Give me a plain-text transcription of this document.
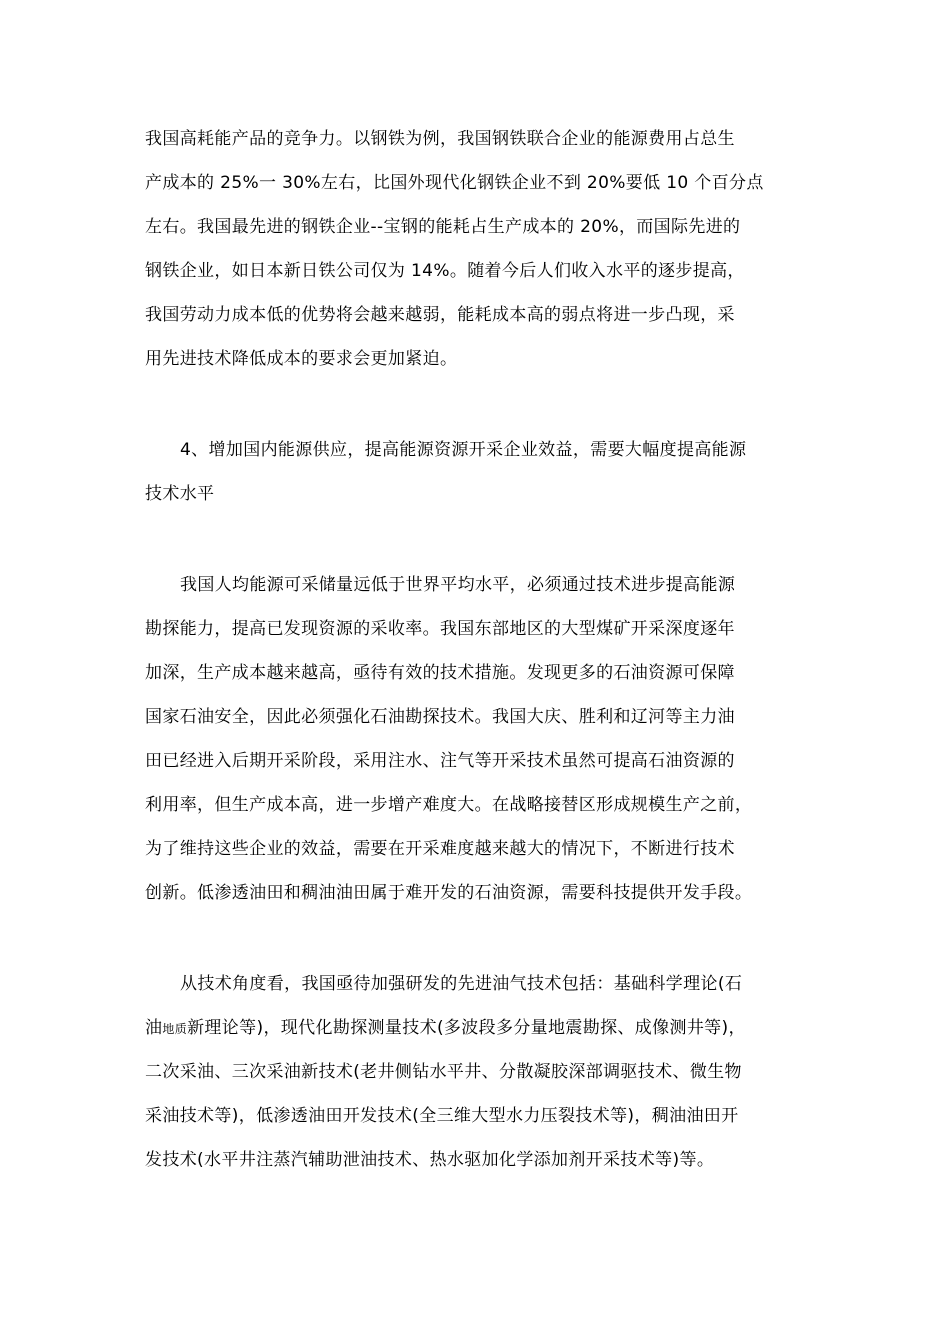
我国高耗能产品的竞争力。以钢铁为例，我国钢铁联合企业的能源费用占总生
产成本的 25%一 30%左右，比国外现代化钢铁企业不到 20%要低 10 个百分点
左右。我国最先进的钢铁企业--宝钢的能耗占生产成本的 20%，而国际先进的
钢铁企业，如日本新日铁公司仅为 14%。随着今后人们收入水平的逐步提高，
我国劳动力成本低的优势将会越来越弱，能耗成本高的弱点将进一步凸现，采
用先进技术降低成本的要求会更加紧迫。
4、增加国内能源供应，提高能源资源开采企业效益，需要大幅度提高能源
技术水平
我国人均能源可采储量远低于世界平均水平，必须通过技术进步提高能源
勘探能力，提高已发现资源的采收率。我国东部地区的大型煤矿开采深度逐年
加深，生产成本越来越高，亟待有效的技术措施。发现更多的石油资源可保障
国家石油安全，因此必须强化石油勘探技术。我国大庆、胜利和辽河等主力油
田已经进入后期开采阶段，采用注水、注气等开采技术虽然可提高石油资源的
利用率，但生产成本高，进一步增产难度大。在战略接替区形成规模生产之前，
为了维持这些企业的效益，需要在开采难度越来越大的情况下，不断进行技术
创新。低渗透油田和稠油油田属于难开发的石油资源，需要科技提供开发手段。
从技术角度看，我国亟待加强研发的先进油气技术包括：基础科学理论(石
油地质新理论等)，现代化勘探测量技术(多波段多分量地震勘探、成像测井等)，
二次采油、三次采油新技术(老井侧钻水平井、分散凝胶深部调驱技术、微生物
采油技术等)，低渗透油田开发技术(全三维大型水力压裂技术等)，稠油油田开
发技术(水平井注蒸汽辅助泄油技术、热水驱加化学添加剂开采技术等)等。
